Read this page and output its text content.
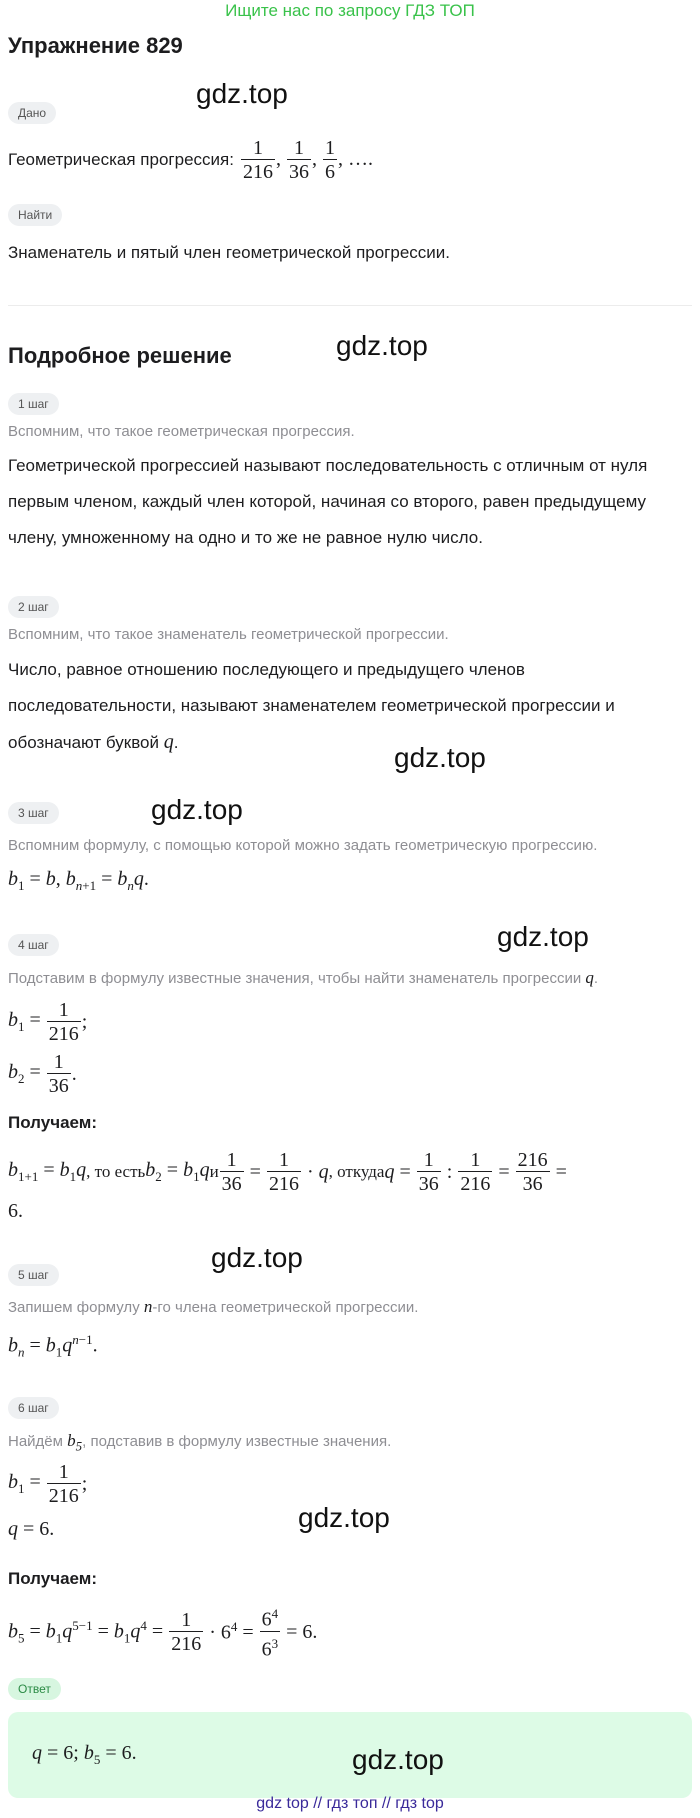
Ищите нас по запросу ГДЗ ТОП
Упражнение 829
gdz.top
gdz.top
gdz.top
gdz.top
gdz.top
gdz.top
gdz.top
gdz.top
Дано
Геометрическая прогрессия: $\frac{1}{216}$ , $\frac{1}{36}$ , $\frac{1}{6}$ , ….
Найти
Знаменатель и пятый член геометрической прогрессии.
Подробное решение
1 шаг
Вспомним, что такое геометрическая прогрессия.
Геометрической прогрессией называют последовательность с отличным от нуля первым членом, каждый член которой, начиная со второго, равен предыдущему члену, умноженному на одно и то же не равное нулю число.
2 шаг
Вспомним, что такое знаменатель геометрической прогрессии.
Число, равное отношению последующего и предыдущего членов последовательности, называют знаменателем геометрической прогрессии и обозначают буквой q.
3 шаг
Вспомним формулу, с помощью которой можно задать геометрическую прогрессию.
$b_1 = b$, $b_{n+1} = b_nq$.
4 шаг
Подставим в формулу известные значения, чтобы найти знаменатель прогрессии q.
$b_1 = \frac{1}{216}$ ;
$b_2 = \frac{1}{36}$ .
Получаем:
$b_{1+1} = b_1q$ , то есть $b_2 = b_1q$ и $\frac{1}{36} = \frac{1}{216} \cdot q$ , откуда $q = \frac{1}{36}$ : $\frac{1}{216} = \frac{216}{36}$ =
6.
5 шаг
Запишем формулу n-го члена геометрической прогрессии.
$b_n = b_1q^{n-1}$.
6 шаг
Найдём $b_5$, подставив в формулу известные значения.
$b_1 = \frac{1}{216}$ ;
q = 6.
Получаем:
$b_5 = b_1q^{5-1} = b_1q^4 = \frac{1}{216} \cdot 6^4 = \frac{6^4}{6^3} = 6$.
Ответ
q = 6; $b_5 = 6$.
gdz top // гдз топ // гдз top
